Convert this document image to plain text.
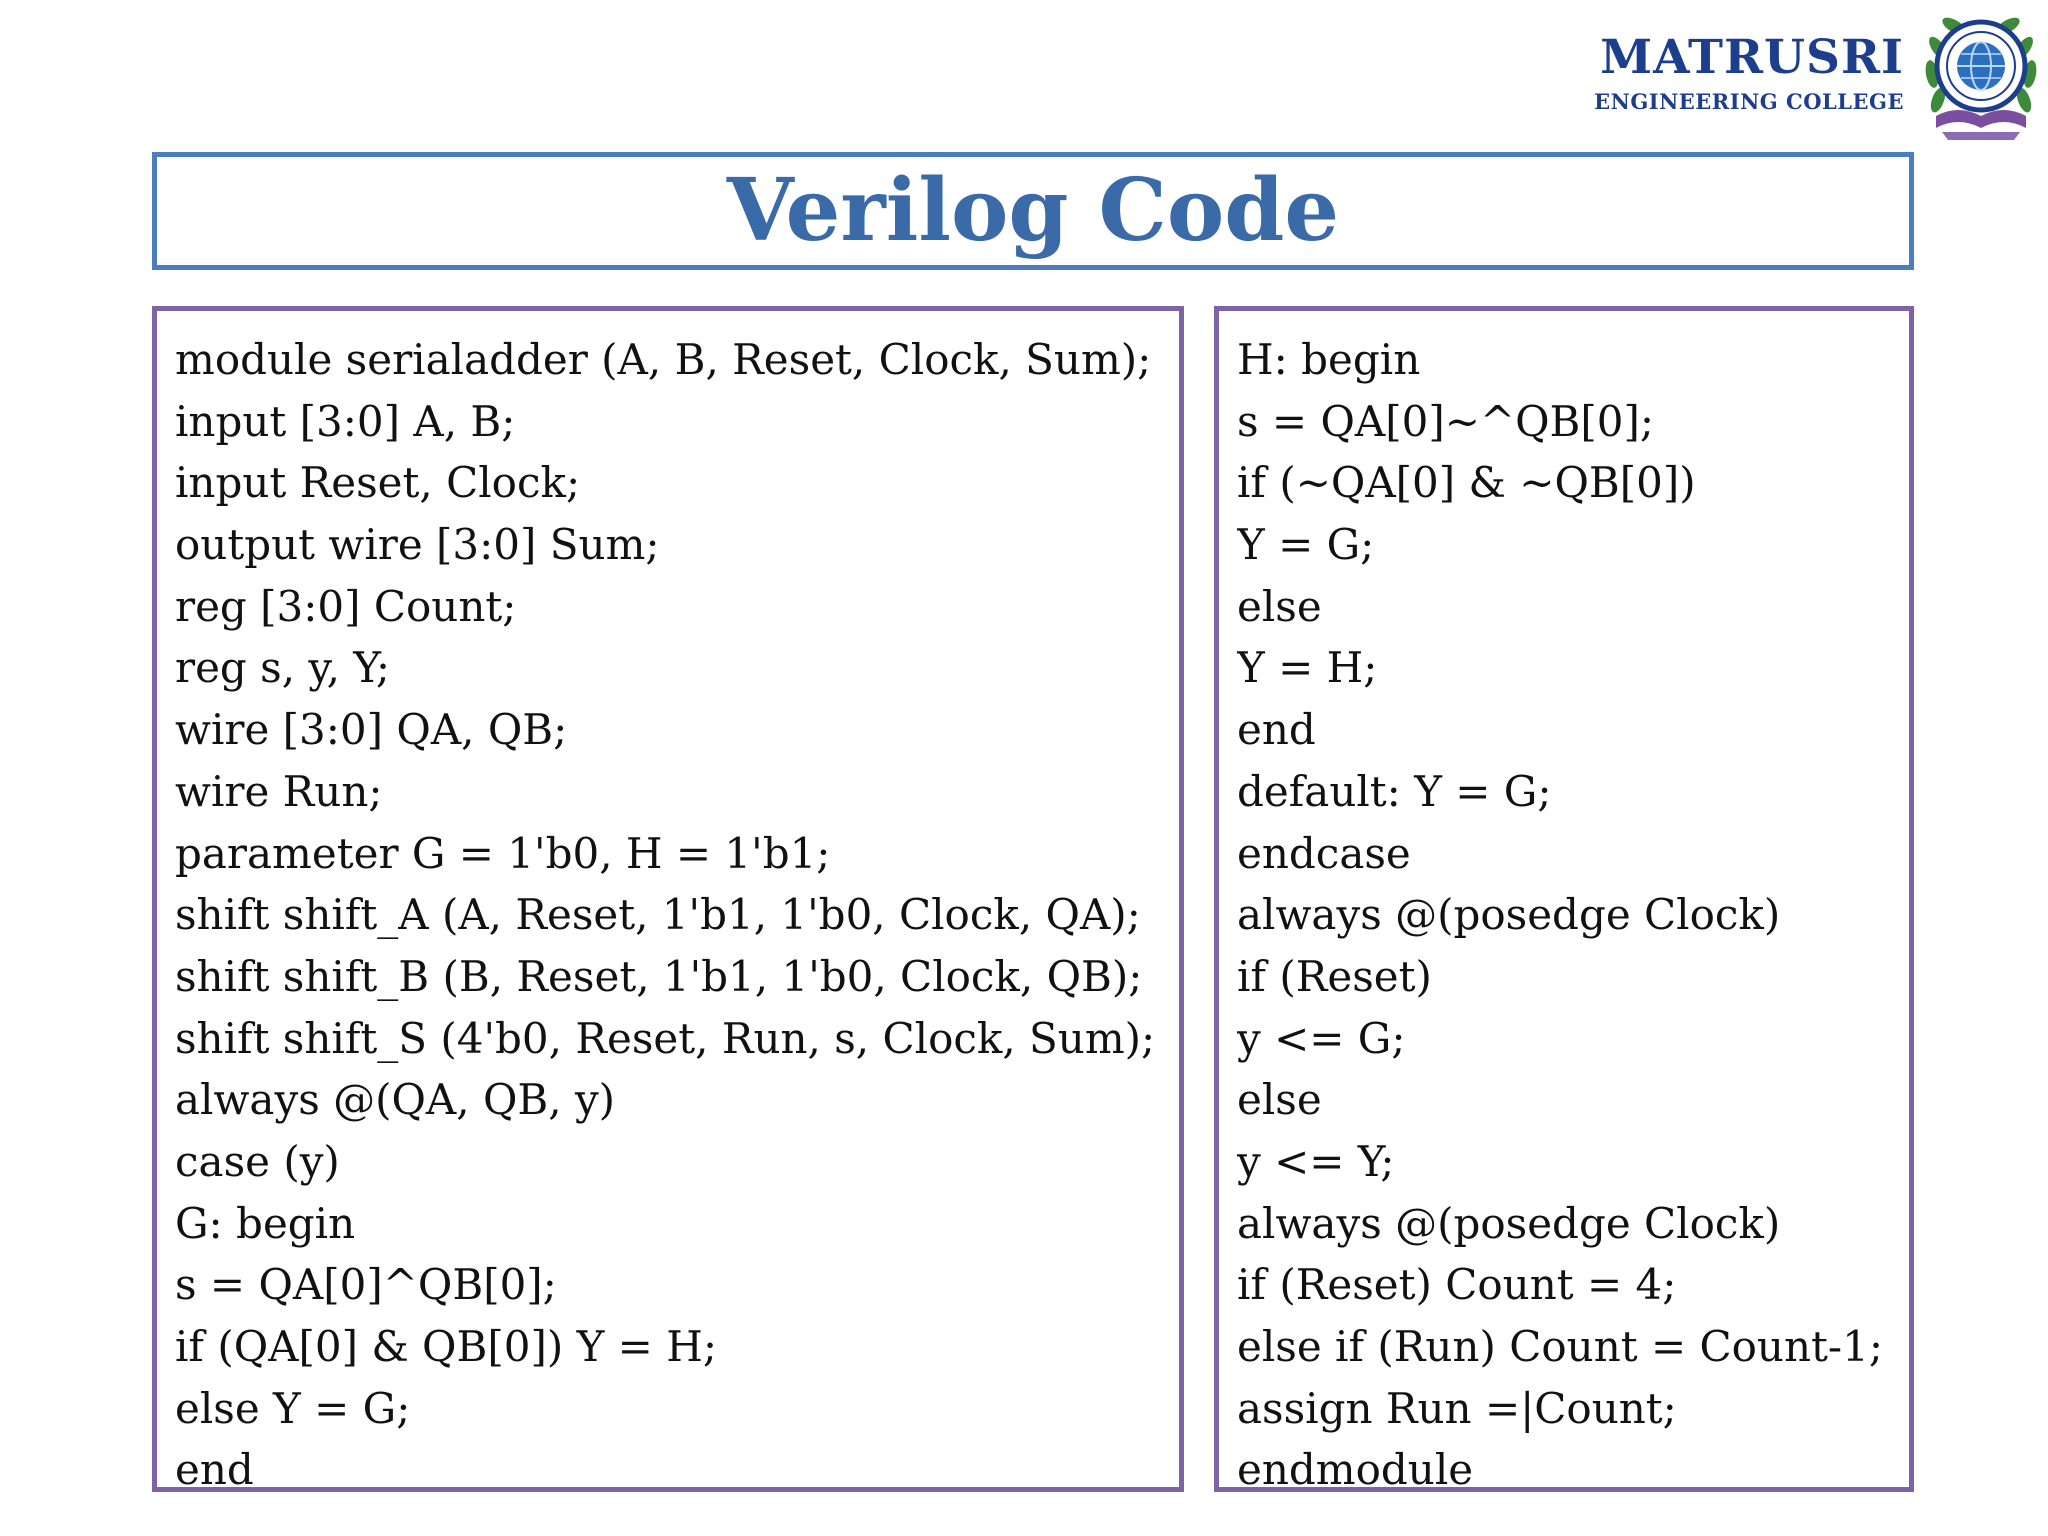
MATRUSRI
ENGINEERING COLLEGE
Verilog Code
module serialadder (A, B, Reset, Clock, Sum);
input [3:0] A, B;
input Reset, Clock;
output wire [3:0] Sum;
reg [3:0] Count;
reg s, y, Y;
wire [3:0] QA, QB;
wire Run;
parameter G = 1'b0, H = 1'b1;
shift shift_A (A, Reset, 1'b1, 1'b0, Clock, QA);
shift shift_B (B, Reset, 1'b1, 1'b0, Clock, QB);
shift shift_S (4'b0, Reset, Run, s, Clock, Sum);
always @(QA, QB, y)
case (y)
G: begin
s = QA[0]^QB[0];
if (QA[0] & QB[0]) Y = H;
else Y = G;
end
H: begin
s = QA[0]~^QB[0];
if (~QA[0] & ~QB[0])
Y = G;
else
Y = H;
end
default: Y = G;
endcase
always @(posedge Clock)
if (Reset)
y <= G;
else
y <= Y;
always @(posedge Clock)
if (Reset) Count = 4;
else if (Run) Count = Count-1;
assign Run =|Count;
endmodule
